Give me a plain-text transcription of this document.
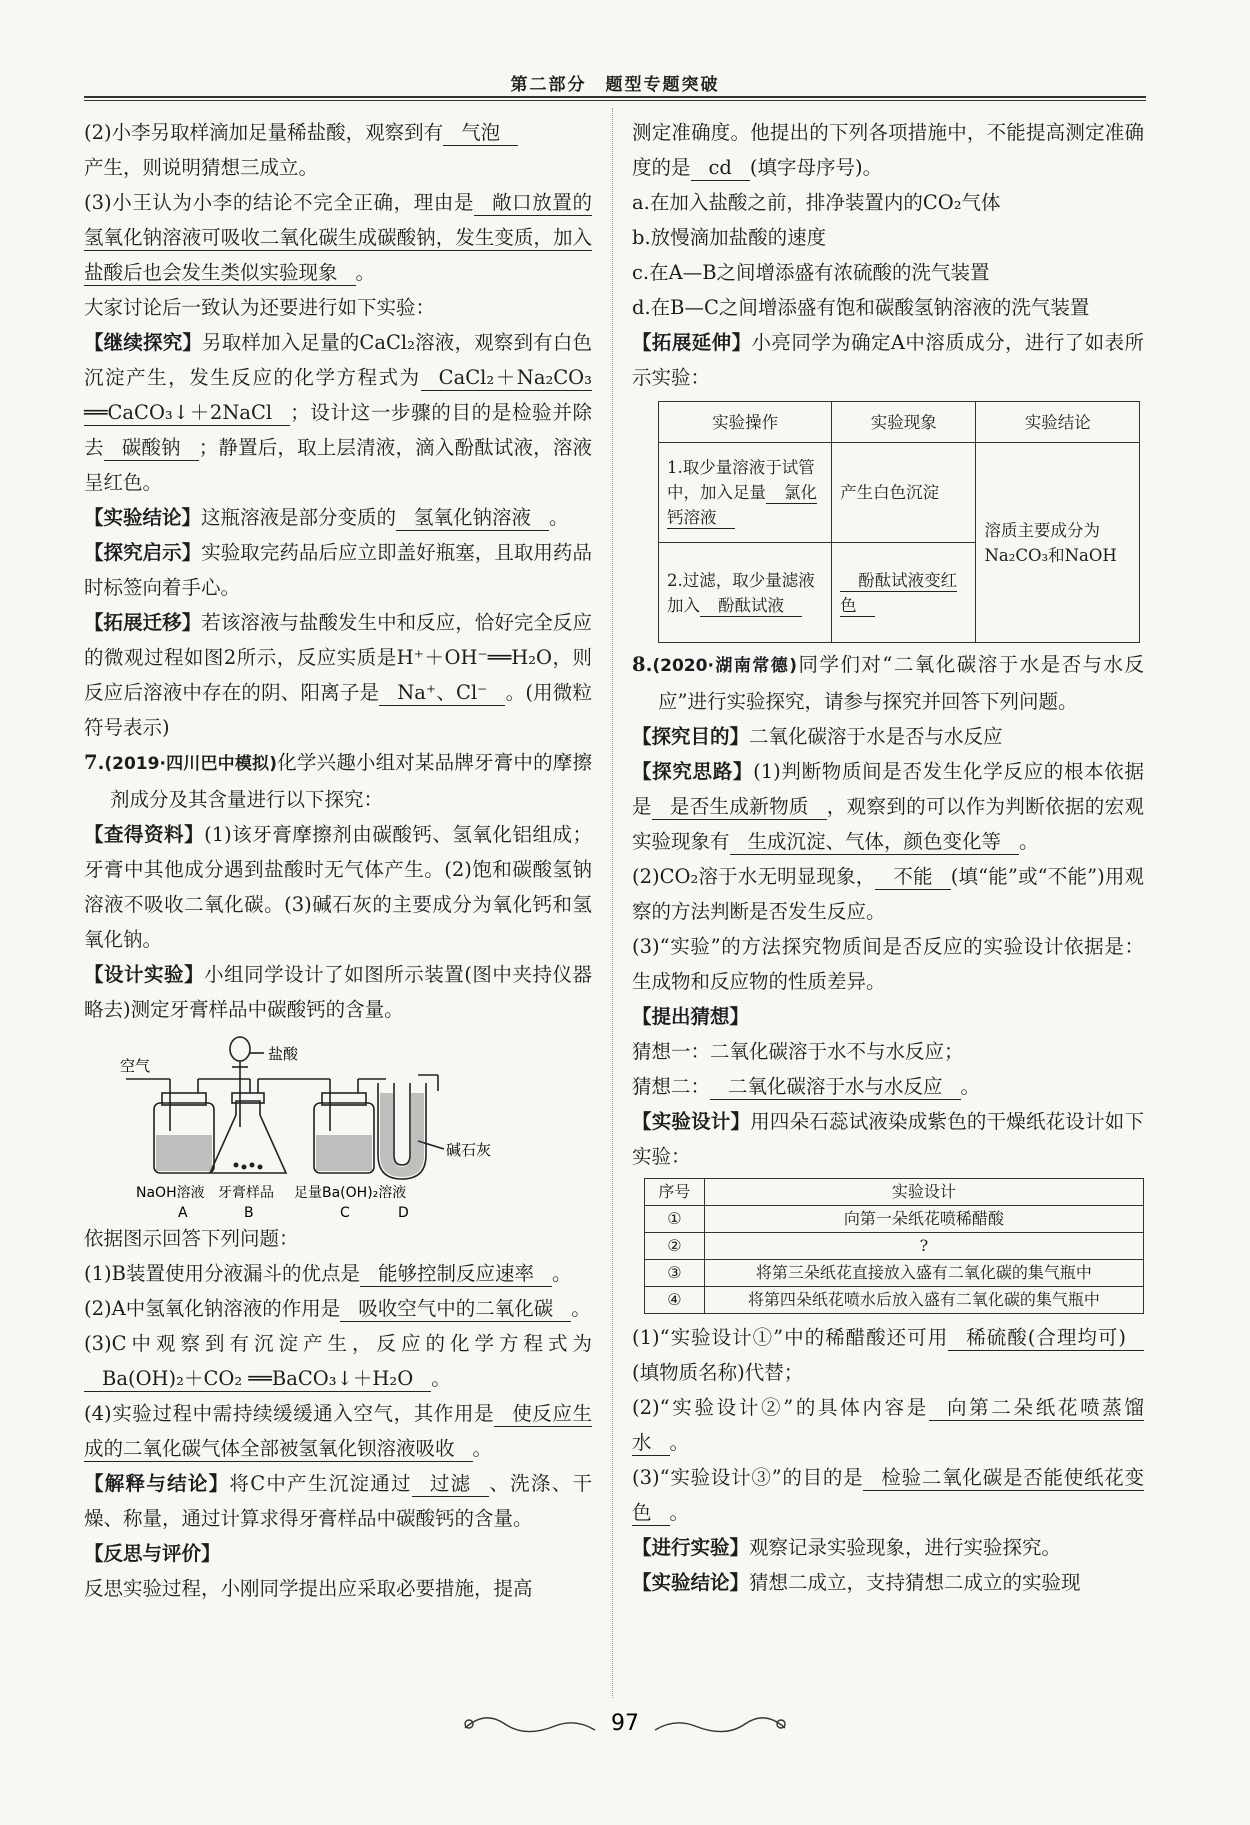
第二部分　题型专题突破

(2)小李另取样滴加足量稀盐酸，观察到有 气泡
产生，则说明猜想三成立。

(3)小王认为小李的结论不完全正确，理由是 敞口放置的氢氧化钠溶液可吸收二氧化碳生成碳酸钠，发生变质，加入盐酸后也会发生类似实验现象 。

大家讨论后一致认为还要进行如下实验：

【继续探究】另取样加入足量的CaCl₂溶液，观察到有白色沉淀产生，发生反应的化学方程式为 CaCl₂＋Na₂CO₃ ══CaCO₃↓＋2NaCl ；设计这一步骤的目的是检验并除去 碳酸钠 ；静置后，取上层清液，滴入酚酞试液，溶液呈红色。

【实验结论】这瓶溶液是部分变质的 氢氧化钠溶液 。

【探究启示】实验取完药品后应立即盖好瓶塞，且取用药品时标签向着手心。

【拓展迁移】若该溶液与盐酸发生中和反应，恰好完全反应的微观过程如图2所示，反应实质是H⁺＋OH⁻══H₂O，则反应后溶液中存在的阴、阳离子是 Na⁺、Cl⁻ 。(用微粒符号表示)

7.(2019·四川巴中模拟)化学兴趣小组对某品牌牙膏中的摩擦剂成分及其含量进行以下探究：

【查得资料】(1)该牙膏摩擦剂由碳酸钙、氢氧化铝组成；牙膏中其他成分遇到盐酸时无气体产生。(2)饱和碳酸氢钠溶液不吸收二氧化碳。(3)碱石灰的主要成分为氧化钙和氢氧化钠。

【设计实验】小组同学设计了如图所示装置(图中夹持仪器略去)测定牙膏样品中碳酸钙的含量。

空气
盐酸
碱石灰
NaOH溶液 牙膏样品 足量Ba(OH)₂溶液
A	B	C	D

依据图示回答下列问题：

(1)B装置使用分液漏斗的优点是 能够控制反应速率 。

(2)A中氢氧化钠溶液的作用是 吸收空气中的二氧化碳 。

(3)C中观察到有沉淀产生，反应的化学方程式为Ba(OH)₂＋CO₂ ══BaCO₃↓＋H₂O 。

(4)实验过程中需持续缓缓通入空气，其作用是 使反应生成的二氧化碳气体全部被氢氧化钡溶液吸收 。

【解释与结论】将C中产生沉淀通过 过滤 、洗涤、干燥、称量，通过计算求得牙膏样品中碳酸钙的含量。

【反思与评价】

反思实验过程，小刚同学提出应采取必要措施，提高

测定准确度。他提出的下列各项措施中，不能提高测定准确度的是 cd (填字母序号)。

a.在加入盐酸之前，排净装置内的CO₂气体

b.放慢滴加盐酸的速度

c.在A—B之间增添盛有浓硫酸的洗气装置

d.在B—C之间增添盛有饱和碳酸氢钠溶液的洗气装置

【拓展延伸】小亮同学为确定A中溶质成分，进行了如表所示实验：

实验操作	实验现象	实验结论
1.取少量溶液于试管中，加入足量 氯化钙溶液	产生白色沉淀	溶质主要成分为Na₂CO₃和NaOH
2.过滤，取少量滤液加入 酚酞试液	酚酞试液变红色	

8.(2020·湖南常德)同学们对“二氧化碳溶于水是否与水反应”进行实验探究，请参与探究并回答下列问题。

【探究目的】二氧化碳溶于水是否与水反应

【探究思路】(1)判断物质间是否发生化学反应的根本依据是 是否生成新物质 ，观察到的可以作为判断依据的宏观实验现象有 生成沉淀、气体，颜色变化等 。

(2)CO₂溶于水无明显现象， 不能 (填“能”或“不能”)用观察的方法判断是否发生反应。

(3)“实验”的方法探究物质间是否反应的实验设计依据是：生成物和反应物的性质差异。

【提出猜想】

猜想一：二氧化碳溶于水不与水反应；

猜想二： 二氧化碳溶于水与水反应 。

【实验设计】用四朵石蕊试液染成紫色的干燥纸花设计如下实验：

序号	实验设计
①	向第一朵纸花喷稀醋酸
②	?
③	将第三朵纸花直接放入盛有二氧化碳的集气瓶中
④	将第四朵纸花喷水后放入盛有二氧化碳的集气瓶中

(1)“实验设计①”中的稀醋酸还可用 稀硫酸(合理均可)(填物质名称)代替；

(2)“实验设计②”的具体内容是 向第二朵纸花喷蒸馏水 。

(3)“实验设计③”的目的是 检验二氧化碳是否能使纸花变色 。

【进行实验】观察记录实验现象，进行实验探究。

【实验结论】猜想二成立，支持猜想二成立的实验现

97
